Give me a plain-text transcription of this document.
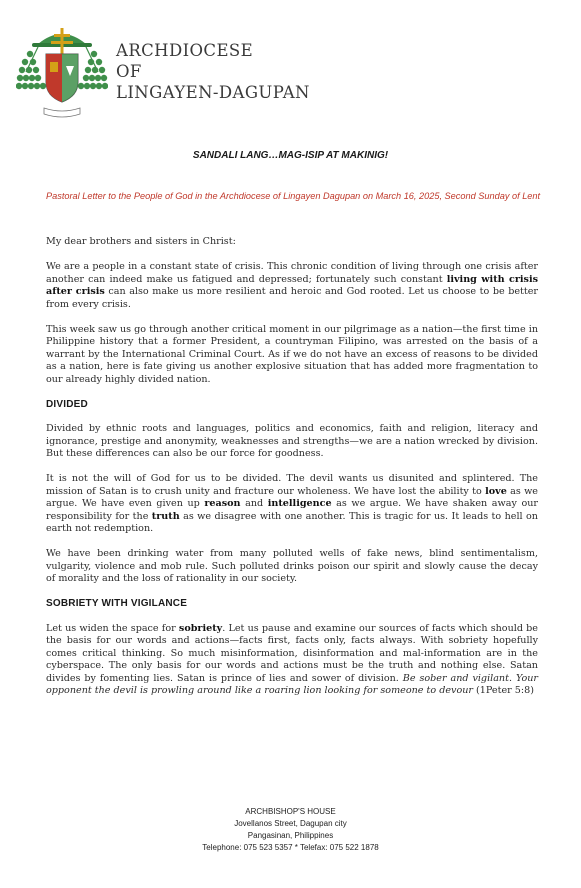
ARCHDIOCESE
OF
LINGAYEN-DAGUPAN
SANDALI LANG…MAG-ISIP AT MAKINIG!
Pastoral Letter to the People of God in the Archdiocese of Lingayen Dagupan on March 16, 2025, Second Sunday of Lent

My dear brothers and sisters in Christ:

We are a people in a constant state of crisis. This chronic condition of living through one crisis after another can indeed make us fatigued and depressed; fortunately such constant living with crisis after crisis can also make us more resilient and heroic and God rooted. Let us choose to be better from every crisis.

This week saw us go through another critical moment in our pilgrimage as a nation—the first time in Philippine history that a former President, a countryman Filipino, was arrested on the basis of a warrant by the International Criminal Court. As if we do not have an excess of reasons to be divided as a nation, here is fate giving us another explosive situation that has added more fragmentation to our already highly divided nation.

DIVIDED

Divided by ethnic roots and languages, politics and economics, faith and religion, literacy and ignorance, prestige and anonymity, weaknesses and strengths—we are a nation wrecked by division. But these differences can also be our force for goodness.

It is not the will of God for us to be divided. The devil wants us disunited and splintered. The mission of Satan is to crush unity and fracture our wholeness. We have lost the ability to love as we argue. We have even given up reason and intelligence as we argue. We have shaken away our responsibility for the truth as we disagree with one another. This is tragic for us. It leads to hell on earth not redemption.

We have been drinking water from many polluted wells of fake news, blind sentimentalism, vulgarity, violence and mob rule. Such polluted drinks poison our spirit and slowly cause the decay of morality and the loss of rationality in our society.

SOBRIETY WITH VIGILANCE

Let us widen the space for sobriety. Let us pause and examine our sources of facts which should be the basis for our words and actions—facts first, facts only, facts always. With sobriety hopefully comes critical thinking. So much misinformation, disinformation and mal-information are in the cyberspace. The only basis for our words and actions must be the truth and nothing else. Satan divides by fomenting lies. Satan is prince of lies and sower of division. Be sober and vigilant. Your opponent the devil is prowling around like a roaring lion looking for someone to devour (1Peter 5:8)

ARCHBISHOP'S HOUSE
Jovellanos Street, Dagupan city
Pangasinan, Philippines
Telephone: 075 523 5357 * Telefax: 075 522 1878
